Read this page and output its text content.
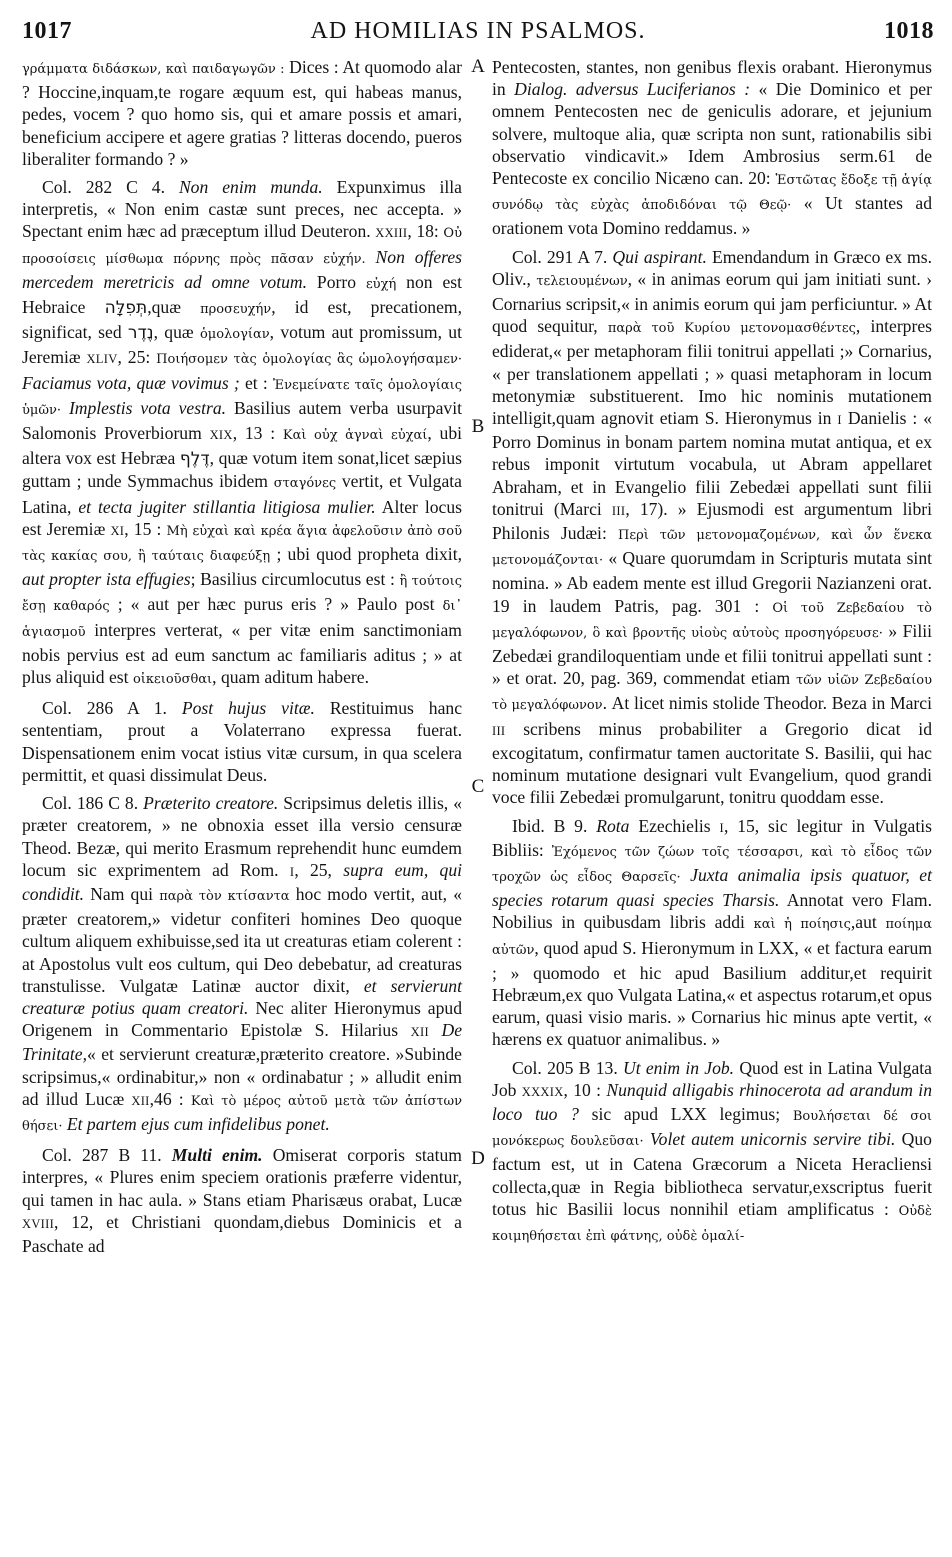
1017	AD HOMILIAS IN PSALMOS.	1018
A
B
C
D

γράμματα διδάσκων, καὶ παιδαγωγῶν : Dices : At quomodo alar ? Hoccine,inquam,te rogare æquum est, qui habeas manus, pedes, vocem ? quo homo sis, qui et amare possis et amari, beneficium accipere et agere gratias ? litteras docendo, pueros liberaliter formando ? »

Col. 282 C 4. Non enim munda. Expunximus illa interpretis, « Non enim castæ sunt preces, nec accepta. » Spectant enim hæc ad præceptum illud Deuteron. XXIII, 18: Οὐ προσοίσεις μίσθωμα πόρνης πρὸς πᾶσαν εὐχήν. Non offeres mercedem meretricis ad omne votum. Porro εὐχή non est Hebraice תְּפִלָּה,quæ προσευχήν, id est, precationem, significat, sed נֶדֶר, quæ ὁμολογίαν, votum aut promissum, ut Jeremiæ XLIV, 25: Ποιήσομεν τὰς ὁμολογίας ἃς ὡμολογήσαμεν· Faciamus vota, quæ vovimus ; et : Ἐνεμείνατε ταῖς ὁμολογίαις ὑμῶν· Implestis vota vestra. Basilius autem verba usurpavit Salomonis Proverbiorum XIX, 13 : Καὶ οὐχ ἁγναὶ εὐχαί, ubi altera vox est Hebræa דֶּלֶף, quæ votum item sonat,licet sæpius guttam ; unde Symmachus ibidem σταγόνες vertit, et Vulgata Latina, et tecta jugiter stillantia litigiosa mulier. Alter locus est Jeremiæ XI, 15 : Μὴ εὐχαὶ καὶ κρέα ἅγια ἀφελοῦσιν ἀπὸ σοῦ τὰς κακίας σου, ἢ ταύταις διαφεύξῃ ; ubi quod propheta dixit, aut propter ista effugies; Basilius circumlocutus est : ἢ τούτοις ἔσῃ καθαρός ; « aut per hæc purus eris ? » Paulo post δι᾽ ἁγιασμοῦ interpres verterat, « per vitæ enim sanctimoniam nobis pervius est ad eum sanctum ac familiaris aditus ; » at plus aliquid est οἰκειοῦσθαι, quam aditum habere.

Col. 286 A 1. Post hujus vitæ. Restituimus hanc sententiam, prout a Volaterrano expressa fuerat. Dispensationem enim vocat istius vitæ cursum, in qua scelera permittit, et quasi dissimulat Deus.

Col. 186 C 8. Præterito creatore. Scripsimus deletis illis, « præter creatorem, » ne obnoxia esset illa versio censuræ Theod. Bezæ, qui merito Erasmum reprehendit hunc eumdem locum sic exprimentem ad Rom. I, 25, supra eum, qui condidit. Nam qui παρὰ τὸν κτίσαντα hoc modo vertit, aut, « præter creatorem,» videtur confiteri homines Deo quoque cultum aliquem exhibuisse,sed ita ut creaturas etiam colerent : at Apostolus vult eos cultum, qui Deo debebatur, ad creaturas transtulisse. Vulgatæ Latinæ auctor dixit, et servierunt creaturæ potius quam creatori. Nec aliter Hieronymus apud Origenem in Commentario Epistolæ S. Hilarius XII De Trinitate,« et servierunt creaturæ,præterito creatore. »Subinde scripsimus,« ordinabitur,» non « ordinabatur ; » alludit enim ad illud Lucæ XII,46 : Καὶ τὸ μέρος αὐτοῦ μετὰ τῶν ἀπίστων θήσει· Et partem ejus cum infidelibus ponet.

Col. 287 B 11. Multi enim. Omiserat corporis statum interpres, « Plures enim speciem orationis præferre videntur, qui tamen in hac aula. » Stans etiam Pharisæus orabat, Lucæ XVIII, 12, et Christiani quondam,diebus Dominicis et a Paschate ad

Pentecosten, stantes, non genibus flexis orabant. Hieronymus in Dialog. adversus Luciferianos : « Die Dominico et per omnem Pentecosten nec de geniculis adorare, et jejunium solvere, multoque alia, quæ scripta non sunt, rationabilis sibi observatio vindicavit.» Idem Ambrosius serm.61 de Pentecoste ex concilio Nicæno can. 20: Ἑστῶτας ἔδοξε τῇ ἁγίᾳ συνόδῳ τὰς εὐχὰς ἀποδιδόναι τῷ Θεῷ· « Ut stantes ad orationem vota Domino reddamus. »

Col. 291 A 7. Qui aspirant. Emendandum in Græco ex ms. Oliv., τελειουμένων, « in animas eorum qui jam initiati sunt. › Cornarius scripsit,« in animis eorum qui jam perficiuntur. » At quod sequitur, παρὰ τοῦ Κυρίου μετονομασθέντες, interpres ediderat,« per metaphoram filii tonitrui appellati ;» Cornarius, « per translationem appellati ; » quasi metaphoram in locum metonymiæ substituerent. Imo hic nominis mutationem intelligit,quam agnovit etiam S. Hieronymus in I Danielis : « Porro Dominus in bonam partem nomina mutat antiqua, et ex rebus imponit virtutum vocabula, ut Abram appellaret Abraham, et in Evangelio filii Zebedæi appellati sunt filii tonitrui (Marci III, 17). » Ejusmodi est argumentum libri Philonis Judæi: Περὶ τῶν μετονομαζομένων, καὶ ὧν ἕνεκα μετονομάζονται· « Quare quorumdam in Scripturis mutata sint nomina. » Ab eadem mente est illud Gregorii Nazianzeni orat. 19 in laudem Patris, pag. 301 : Οἱ τοῦ Ζεβεδαίου τὸ μεγαλόφωνον, ὃ καὶ βροντῆς υἱοὺς αὐτοὺς προσηγόρευσε· » Filii Zebedæi grandiloquentiam unde et filii tonitrui appellati sunt : » et orat. 20, pag. 369, commendat etiam τῶν υἱῶν Ζεβεδαίου τὸ μεγαλόφωνον. At licet nimis stolide Theodor. Beza in Marci III scribens minus probabiliter a Gregorio dicat id excogitatum, confirmatur tamen auctoritate S. Basilii, qui hac nominum mutatione designari vult Evangelium, quod grandi voce filii Zebedæi promulgarunt, tonitru quoddam esse.

Ibid. B 9. Rota Ezechielis I, 15, sic legitur in Vulgatis Bibliis: Ἐχόμενος τῶν ζώων τοῖς τέσσαρσι, καὶ τὸ εἶδος τῶν τροχῶν ὡς εἶδος Θαρσεῖς· Juxta animalia ipsis quatuor, et species rotarum quasi species Tharsis. Annotat vero Flam. Nobilius in quibusdam libris addi καὶ ἡ ποίησις,aut ποίημα αὐτῶν, quod apud S. Hieronymum in LXX, « et factura earum ; » quomodo et hic apud Basilium additur,et requirit Hebræum,ex quo Vulgata Latina,« et aspectus rotarum,et opus earum, quasi visio maris. » Cornarius hic minus apte vertit, « hærens ex quatuor animalibus. »

Col. 205 B 13. Ut enim in Job. Quod est in Latina Vulgata Job XXXIX, 10 : Nunquid alligabis rhinocerota ad arandum in loco tuo ? sic apud LXX legimus; Βουλήσεται δέ σοι μονόκερως δουλεῦσαι· Volet autem unicornis servire tibi. Quo factum est, ut in Catena Græcorum a Niceta Heracliensi collecta,quæ in Regia bibliotheca servatur,exscriptus fuerit totus hic Basilii locus nonnihil etiam amplificatus : Οὐδὲ κοιμηθήσεται ἐπὶ φάτνης, οὐδὲ ὁμαλί-
